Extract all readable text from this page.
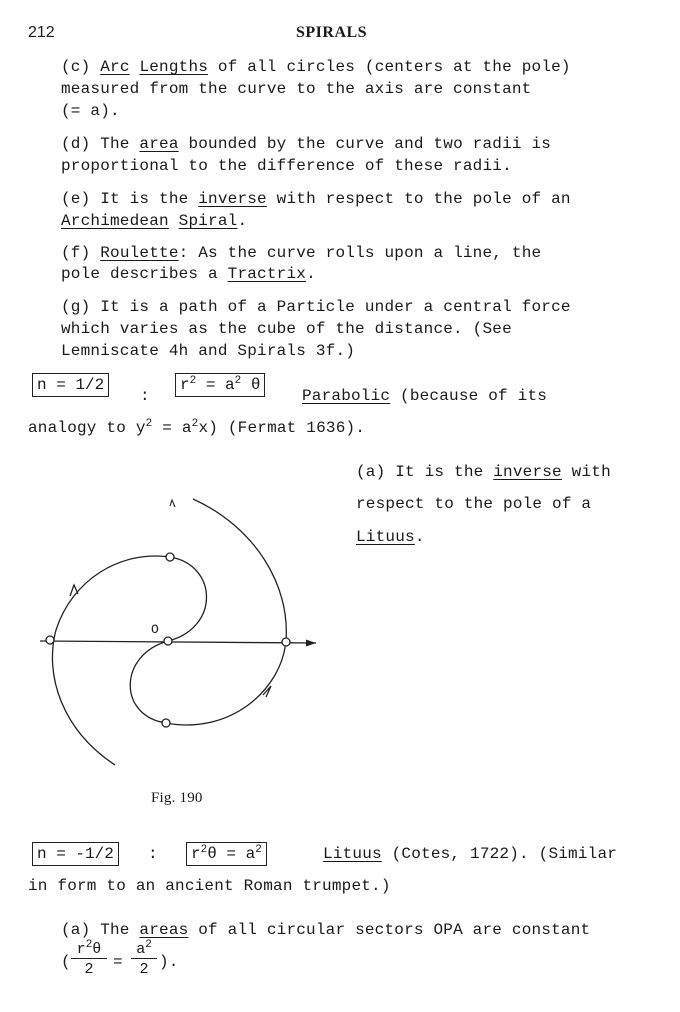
212	SPIRALS
(c) Arc Lengths of all circles (centers at the pole)
measured from the curve to the axis are constant
(= a).
(d) The area bounded by the curve and two radii is
proportional to the difference of these radii.
(e) It is the inverse with respect to the pole of an
Archimedean Spiral.
(f) Roulette: As the curve rolls upon a line, the
pole describes a Tractrix.
(g) It is a path of a Particle under a central force
which varies as the cube of the distance. (See
Lemniscate 4h and Spirals 3f.)
n = 1/2
:
$r^2 = a^2$ θ
Parabolic (because of its
analogy to $y^2 = a^2x$) (Fermat 1636).
(a) It is the inverse with
respect to the pole of a
Lituus.
O
Fig. 190
n = -1/2	:	$r^2\theta = a^2$	Lituus (Cotes, 1722). (Similar
in form to an ancient Roman trumpet.)
(a) The areas of all circular sectors OPA are constant
( $\frac{r^2\theta}{2} = \frac{a^2}{2}$ ).
